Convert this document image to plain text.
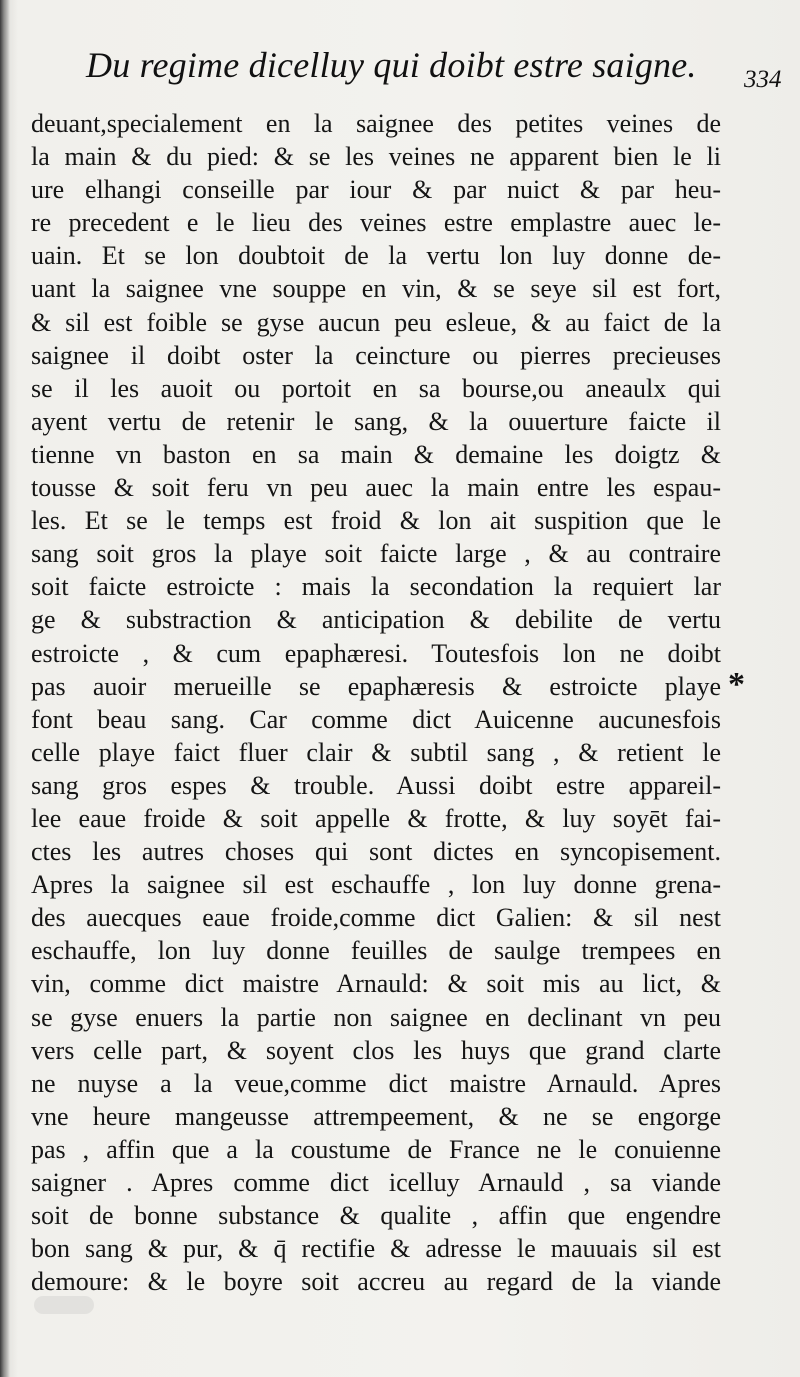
Du regime dicelluy qui doibt estre saigne. 334
deuant,specialement en la saignee des petites veines de
la main & du pied: & se les veines ne apparent bien le li
ure elhangi conseille par iour & par nuict & par heu-
re precedent e le lieu des veines estre emplastre auec le-
uain. Et se lon doubtoit de la vertu lon luy donne de-
uant la saignee vne souppe en vin, & se seye sil est fort,
& sil est foible se gyse aucun peu esleue, & au faict de la
saignee il doibt oster la ceincture ou pierres precieuses
se il les auoit ou portoit en sa bourse,ou aneaulx qui
ayent vertu de retenir le sang, & la ouuerture faicte il
tienne vn baston en sa main & demaine les doigtz &
tousse & soit feru vn peu auec la main entre les espau-
les. Et se le temps est froid & lon ait suspition que le
sang soit gros la playe soit faicte large , & au contraire
soit faicte estroicte : mais la secondation la requiert lar
ge & substraction & anticipation & debilite de vertu
estroicte , & cum epaphæresi. Toutesfois lon ne doibt
pas auoir merueille se epaphæresis & estroicte playe
font beau sang. Car comme dict Auicenne aucunesfois
celle playe faict fluer clair & subtil sang , & retient le
sang gros espes & trouble. Aussi doibt estre appareil-
lee eaue froide & soit appelle & frotte, & luy soyēt fai-
ctes les autres choses qui sont dictes en syncopisement.
Apres la saignee sil est eschauffe , lon luy donne grena-
des auecques eaue froide,comme dict Galien: & sil nest
eschauffe, lon luy donne feuilles de saulge trempees en
vin, comme dict maistre Arnauld: & soit mis au lict, &
se gyse enuers la partie non saignee en declinant vn peu
vers celle part, & soyent clos les huys que grand clarte
ne nuyse a la veue,comme dict maistre Arnauld. Apres
vne heure mangeusse attrempeement, & ne se engorge
pas , affin que a la coustume de France ne le conuienne
saigner . Apres comme dict icelluy Arnauld , sa viande
soit de bonne substance & qualite , affin que engendre
bon sang & pur, & q̄ rectifie & adresse le mauuais sil est
demoure: & le boyre soit accreu au regard de la viande
*
